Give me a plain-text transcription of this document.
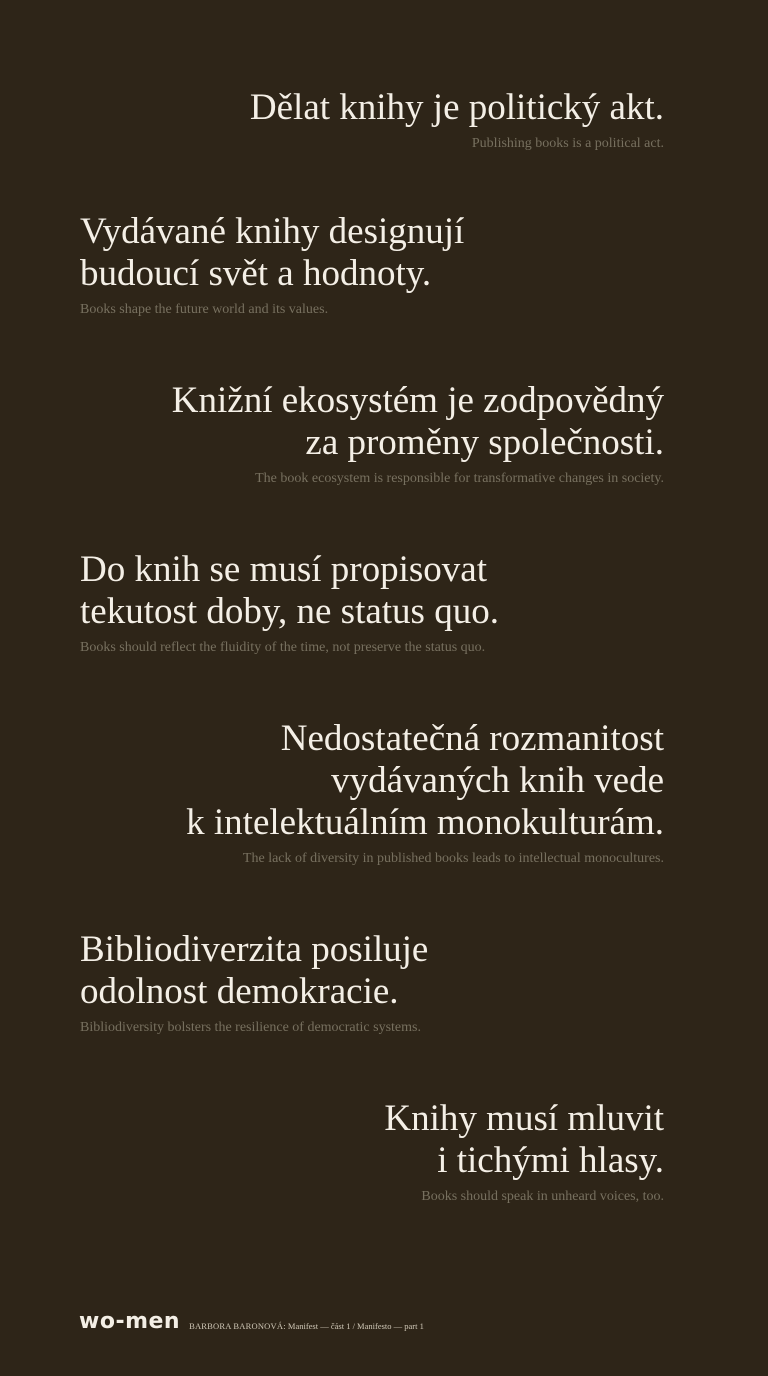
Dělat knihy je politický akt.

Publishing books is a political act.

Vydávané knihy designují
budoucí svět a hodnoty.

Books shape the future world and its values.

Knižní ekosystém je zodpovědný
za proměny společnosti.

The book ecosystem is responsible for transformative changes in society.

Do knih se musí propisovat
tekutost doby, ne status quo.

Books should reflect the fluidity of the time, not preserve the status quo.

Nedostatečná rozmanitost
vydávaných knih vede
k intelektuálním monokulturám.

The lack of diversity in published books leads to intellectual monocultures.

Bibliodiverzita posiluje
odolnost demokracie.

Bibliodiversity bolsters the resilience of democratic systems.

Knihy musí mluvit
i tichými hlasy.

Books should speak in unheard voices, too.

wo-men BARBORA BARONOVÁ: Manifest — část 1 / Manifesto — part 1
